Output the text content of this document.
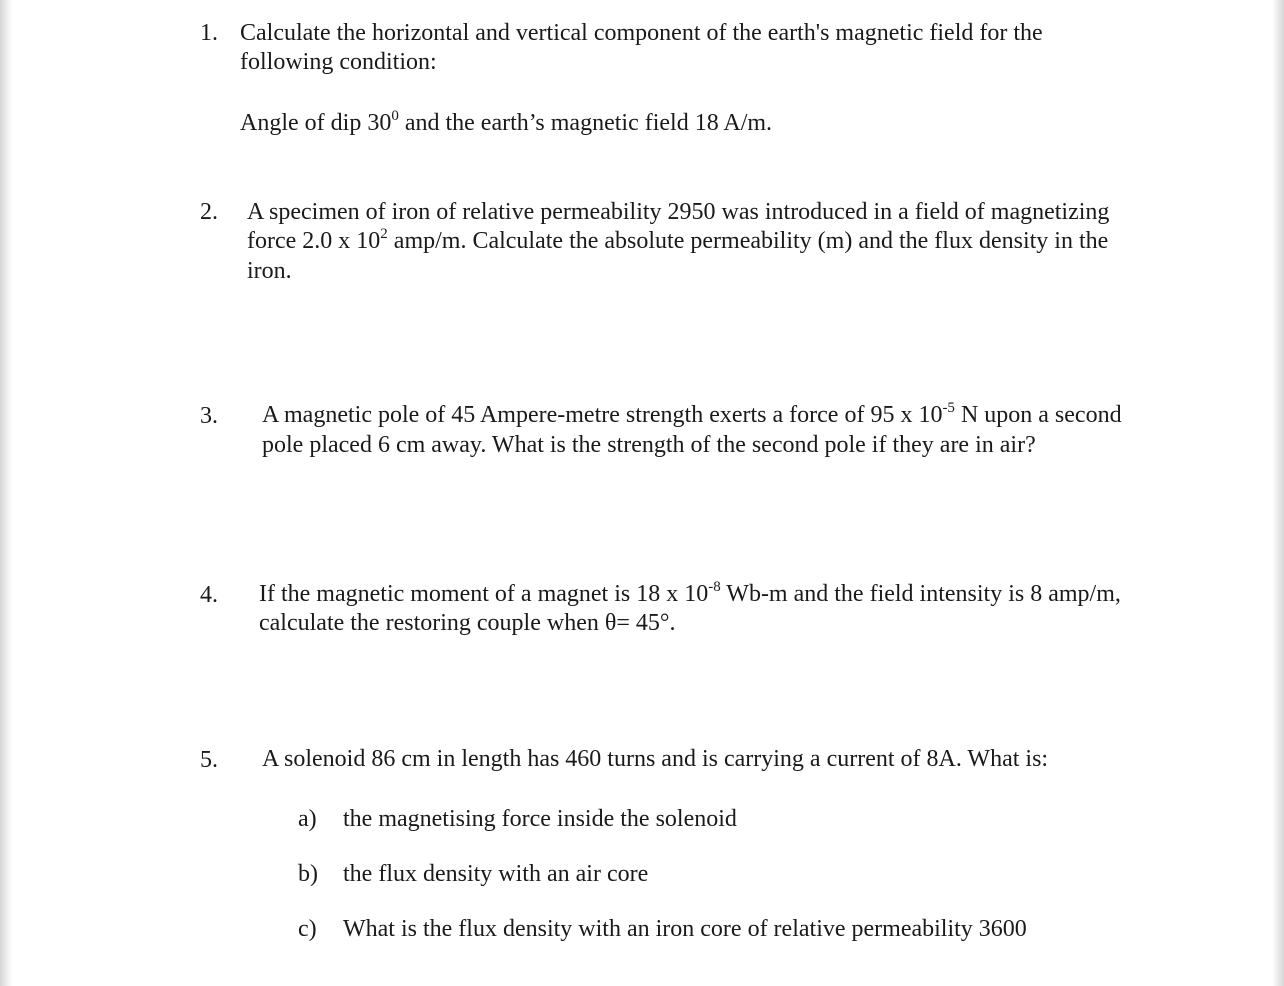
1. Calculate the horizontal and vertical component of the earth's magnetic field for the
following condition:
Angle of dip $30^0$ and the earth’s magnetic field 18 A/m.
2. A specimen of iron of relative permeability 2950 was introduced in a field of magnetizing
force 2.0 x $10^2$ amp/m. Calculate the absolute permeability (m) and the flux density in the
iron.
3. A magnetic pole of 45 Ampere-metre strength exerts a force of 95 x $10^{-5}$ N upon a second
pole placed 6 cm away. What is the strength of the second pole if they are in air?
4. If the magnetic moment of a magnet is 18 x $10^{-8}$ Wb-m and the field intensity is 8 amp/m,
calculate the restoring couple when θ= 45°.
5. A solenoid 86 cm in length has 460 turns and is carrying a current of 8A. What is:
a) the magnetising force inside the solenoid
b) the flux density with an air core
c) What is the flux density with an iron core of relative permeability 3600
